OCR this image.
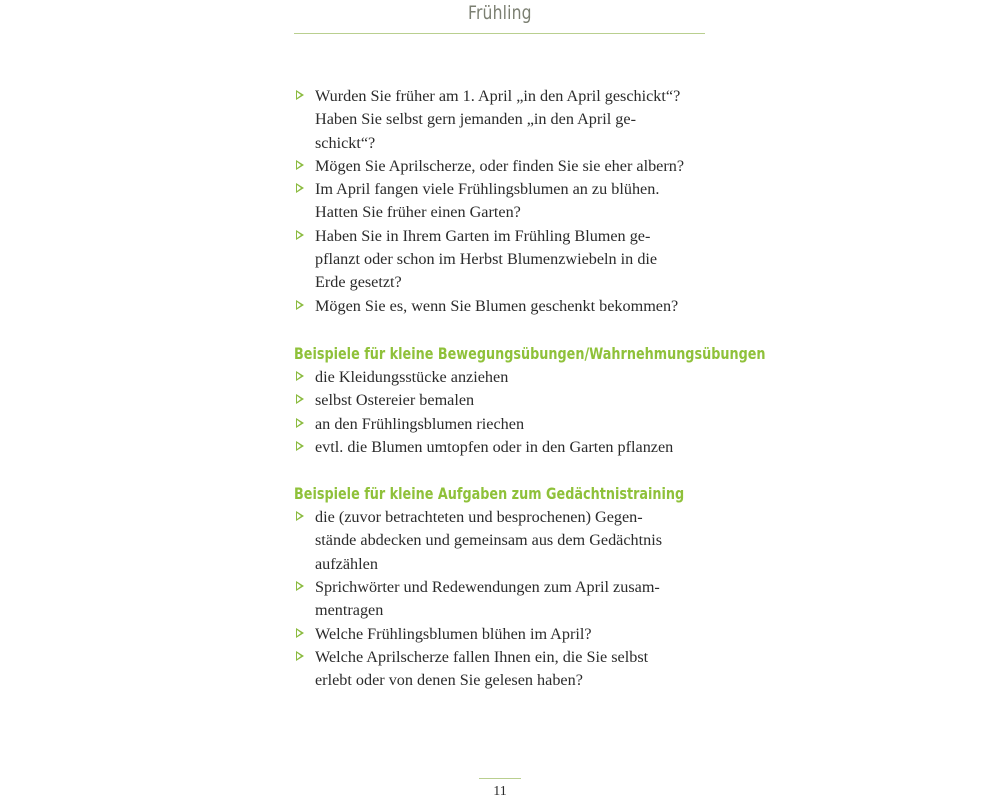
Frühling
Wurden Sie früher am 1. April „in den April geschickt“?
Haben Sie selbst gern jemanden „in den April ge-
schickt“?
Mögen Sie Aprilscherze, oder finden Sie sie eher albern?
Im April fangen viele Frühlingsblumen an zu blühen.
Hatten Sie früher einen Garten?
Haben Sie in Ihrem Garten im Frühling Blumen ge-
pflanzt oder schon im Herbst Blumenzwiebeln in die
Erde gesetzt?
Mögen Sie es, wenn Sie Blumen geschenkt bekommen?
Beispiele für kleine Bewegungsübungen/Wahrnehmungsübungen
die Kleidungsstücke anziehen
selbst Ostereier bemalen
an den Frühlingsblumen riechen
evtl. die Blumen umtopfen oder in den Garten pflanzen
Beispiele für kleine Aufgaben zum Gedächtnistraining
die (zuvor betrachteten und besprochenen) Gegen-
stände abdecken und gemeinsam aus dem Gedächtnis
aufzählen
Sprichwörter und Redewendungen zum April zusam-
mentragen
Welche Frühlingsblumen blühen im April?
Welche Aprilscherze fallen Ihnen ein, die Sie selbst
erlebt oder von denen Sie gelesen haben?
11
